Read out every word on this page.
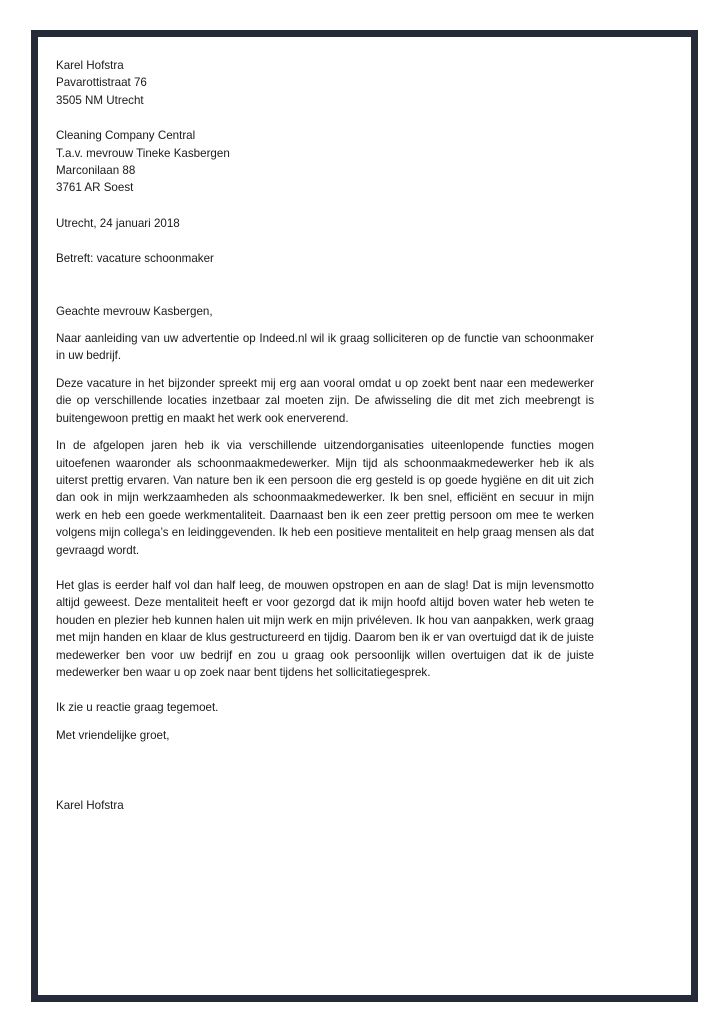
Karel Hofstra
Pavarottistraat 76
3505 NM Utrecht
Cleaning Company Central
T.a.v. mevrouw Tineke Kasbergen
Marconilaan 88
3761 AR Soest
Utrecht, 24 januari 2018
Betreft: vacature schoonmaker
Geachte mevrouw Kasbergen,

Naar aanleiding van uw advertentie op Indeed.nl wil ik graag solliciteren op de functie van schoonmaker in uw bedrijf.

Deze vacature in het bijzonder spreekt mij erg aan vooral omdat u op zoekt bent naar een medewerker die op verschillende locaties inzetbaar zal moeten zijn. De afwisseling die dit met zich meebrengt is buitengewoon prettig en maakt het werk ook enerverend.

In de afgelopen jaren heb ik via verschillende uitzendorganisaties uiteenlopende functies mogen uitoefenen waaronder als schoonmaakmedewerker. Mijn tijd als schoonmaakmedewerker heb ik als uiterst prettig ervaren. Van nature ben ik een persoon die erg gesteld is op goede hygiëne en dit uit zich dan ook in mijn werkzaamheden als schoonmaakmedewerker. Ik ben snel, efficiënt en secuur in mijn werk en heb een goede werkmentaliteit. Daarnaast ben ik een zeer prettig persoon om mee te werken volgens mijn collega’s en leidinggevenden. Ik heb een positieve mentaliteit en help graag mensen als dat gevraagd wordt.

Het glas is eerder half vol dan half leeg, de mouwen opstropen en aan de slag! Dat is mijn levensmotto altijd geweest. Deze mentaliteit heeft er voor gezorgd dat ik mijn hoofd altijd boven water heb weten te houden en plezier heb kunnen halen uit mijn werk en mijn privéleven. Ik hou van aanpakken, werk graag met mijn handen en klaar de klus gestructureerd en tijdig. Daarom ben ik er van overtuigd dat ik de juiste medewerker ben voor uw bedrijf en zou u graag ook persoonlijk willen overtuigen dat ik de juiste medewerker ben waar u op zoek naar bent tijdens het sollicitatiegesprek.

Ik zie u reactie graag tegemoet.

Met vriendelijke groet,
Karel Hofstra
